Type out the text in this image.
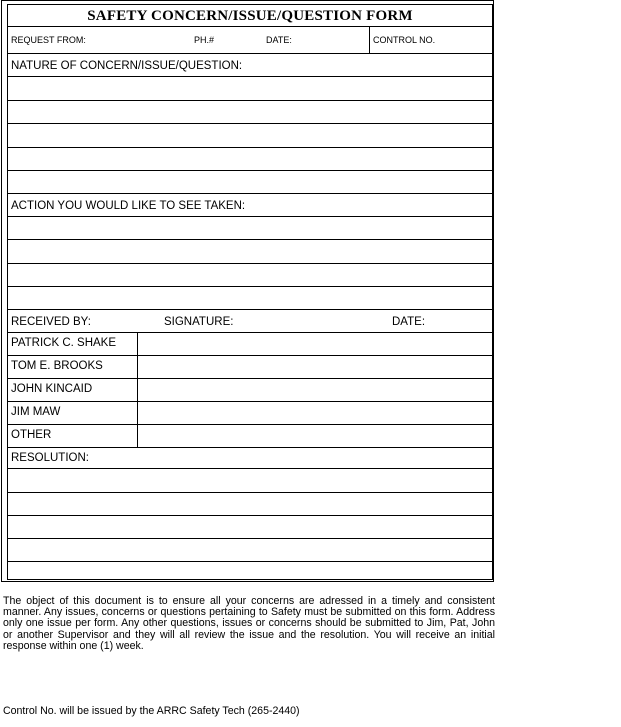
SAFETY CONCERN/ISSUE/QUESTION FORM
REQUEST FROM:	PH.#	DATE:	CONTROL NO.
NATURE OF CONCERN/ISSUE/QUESTION:
ACTION YOU WOULD LIKE TO SEE TAKEN:
RECEIVED BY:	SIGNATURE:	DATE:
PATRICK C. SHAKE
TOM E. BROOKS
JOHN KINCAID
JIM MAW
OTHER
RESOLUTION:
The object of this document is to ensure all your concerns are adressed in a timely and consistent manner. Any issues, concerns or questions pertaining to Safety must be submitted on this form. Address only one issue per form. Any other questions, issues or concerns should be submitted to Jim, Pat, John or another Supervisor and they will all review the issue and the resolution. You will receive an initial response within one (1) week.
Control No. will be issued by the ARRC Safety Tech (265-2440)
